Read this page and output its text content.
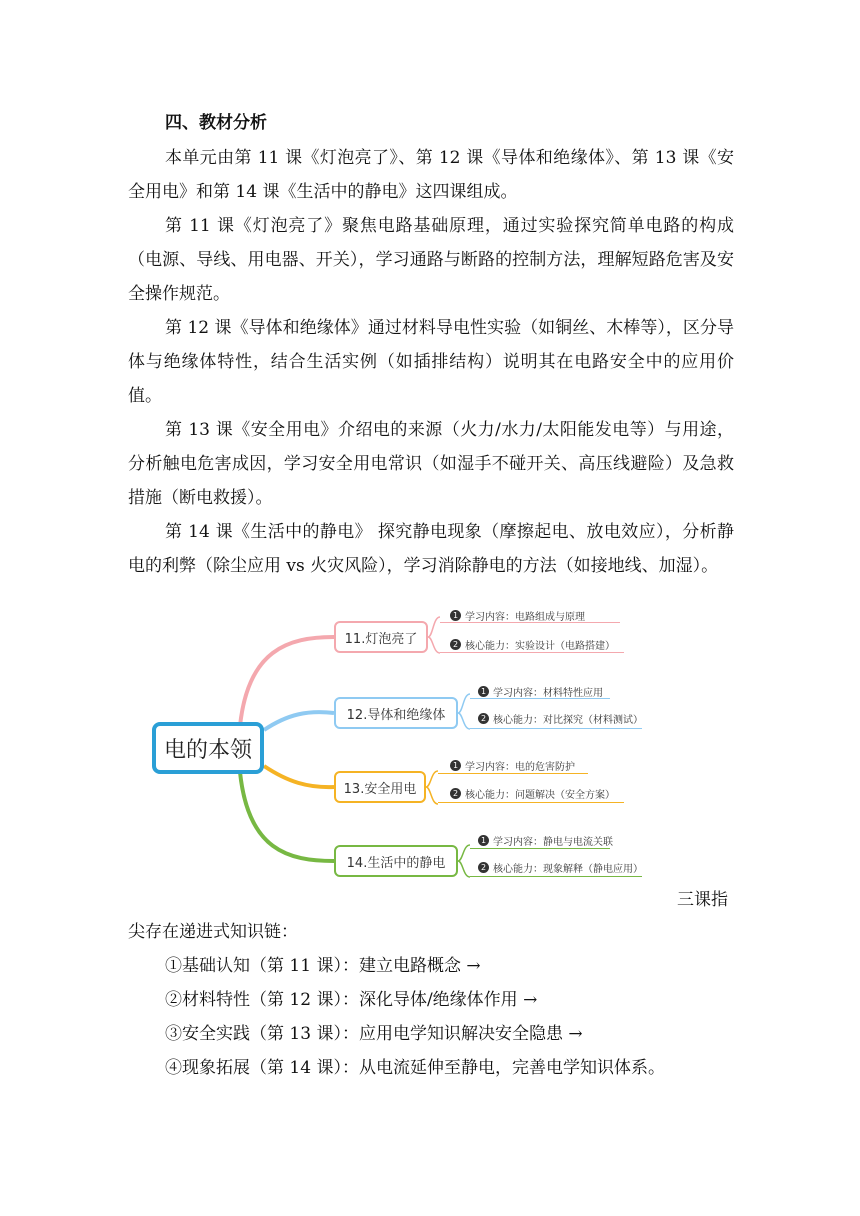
四、教材分析
本单元由第 11 课《灯泡亮了》、第 12 课《导体和绝缘体》、第 13 课《安全用电》和第 14 课《生活中的静电》这四课组成。
第 11 课《灯泡亮了》聚焦电路基础原理，通过实验探究简单电路的构成（电源、导线、用电器、开关），学习通路与断路的控制方法，理解短路危害及安全操作规范。
第 12 课《导体和绝缘体》通过材料导电性实验（如铜丝、木棒等），区分导体与绝缘体特性，结合生活实例（如插排结构）说明其在电路安全中的应用价值。
第 13 课《安全用电》介绍电的来源（火力/水力/太阳能发电等）与用途，分析触电危害成因，学习安全用电常识（如湿手不碰开关、高压线避险）及急救措施（断电救援）。
第 14 课《生活中的静电》 探究静电现象（摩擦起电、放电效应），分析静电的利弊（除尘应用 vs 火灾风险），学习消除静电的方法（如接地线、加湿）。
电的本领
11.灯泡亮了
12.导体和绝缘体
13.安全用电
14.生活中的静电
1 学习内容：电路组成与原理
2 核心能力：实验设计（电路搭建）
1 学习内容：材料特性应用
2 核心能力：对比探究（材料测试）
1 学习内容：电的危害防护
2 核心能力：问题解决（安全方案）
1 学习内容：静电与电流关联
2 核心能力：现象解释（静电应用）
三课指
尖存在递进式知识链：
①基础认知（第 11 课）：建立电路概念 →
②材料特性（第 12 课）：深化导体/绝缘体作用 →
③安全实践（第 13 课）：应用电学知识解决安全隐患 →
④现象拓展（第 14 课）：从电流延伸至静电，完善电学知识体系。
